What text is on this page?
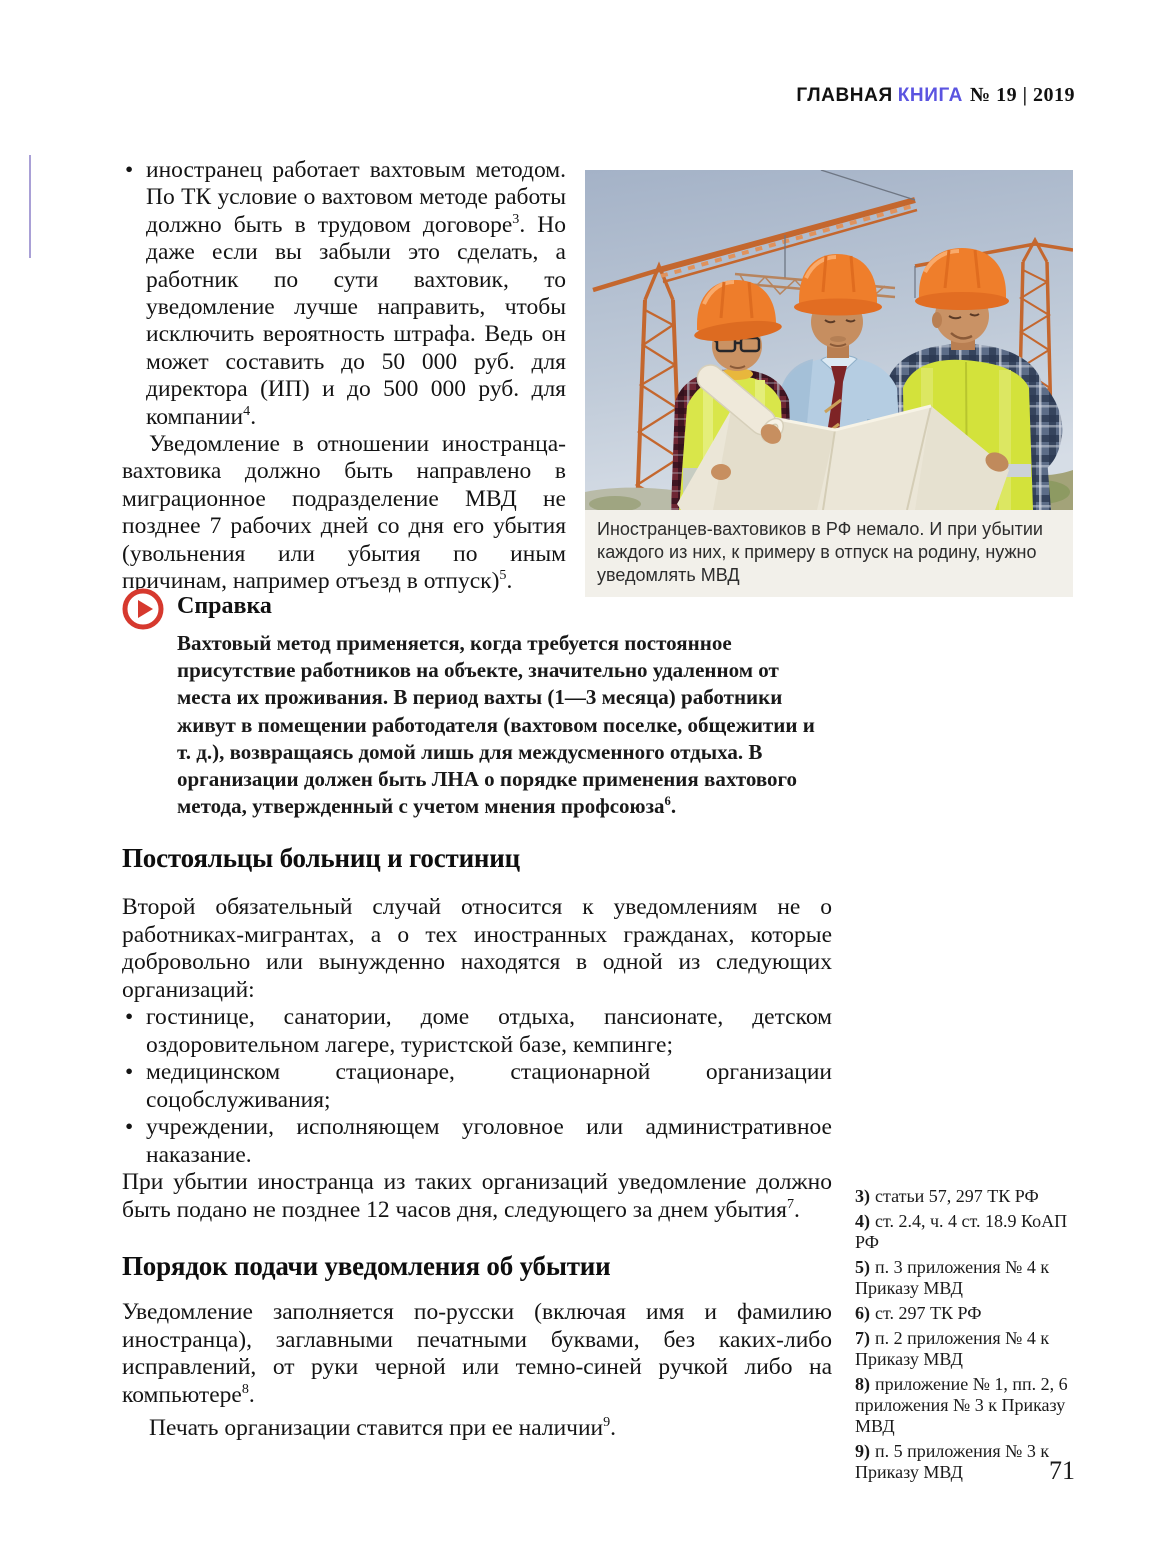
ГЛАВНАЯ КНИГА № 19 | 2019

• иностранец работает вахтовым методом. По ТК условие о вахтовом методе работы должно быть в трудовом договоре$^3$. Но даже если вы забыли это сделать, а работник по сути вахтовик, то уведомление лучше направить, чтобы исключить вероятность штрафа. Ведь он может составить до 50 000 руб. для директора (ИП) и до 500 000 руб. для компании$^4$.

Уведомление в отношении иностранца-вахтовика должно быть направлено в миграционное подразделение МВД не позднее 7 рабочих дней со дня его убытия (увольнения или убытия по иным причинам, например отъезд в отпуск)$^5$.

Иностранцев-вахтовиков в РФ немало. И при убытии каждого из них, к примеру в отпуск на родину, нужно уведомлять МВД
Справка

Вахтовый метод применяется, когда требуется постоянное присутствие работников на объекте, значительно удаленном от места их проживания. В период вахты (1—3 месяца) работники живут в помещении работодателя (вахтовом поселке, общежитии и т. д.), возвращаясь домой лишь для междусменного отдыха. В организации должен быть ЛНА о порядке применения вахтового метода, утвержденный с учетом мнения профсоюза$^6$.

Постояльцы больниц и гостиниц

Второй обязательный случай относится к уведомлениям не о работниках-мигрантах, а о тех иностранных гражданах, которые добровольно или вынужденно находятся в одной из следующих организаций:

• гостинице, санатории, доме отдыха, пансионате, детском оздоровительном лагере, туристской базе, кемпинге;

• медицинском стационаре, стационарной организации соцобслуживания;

• учреждении, исполняющем уголовное или административное наказание.

При убытии иностранца из таких организаций уведомление должно быть подано не позднее 12 часов дня, следующего за днем убытия$^7$.

Порядок подачи уведомления об убытии

Уведомление заполняется по-русски (включая имя и фамилию иностранца), заглавными печатными буквами, без каких-либо исправлений, от руки черной или темно-синей ручкой либо на компьютере$^8$.

Печать организации ставится при ее наличии$^9$.

3) статьи 57, 297 ТК РФ

4) ст. 2.4, ч. 4 ст. 18.9 КоАП РФ

5) п. 3 приложения № 4 к Приказу МВД

6) ст. 297 ТК РФ

7) п. 2 приложения № 4 к Приказу МВД

8) приложение № 1, пп. 2, 6 приложения № 3 к Приказу МВД

9) п. 5 приложения № 3 к Приказу МВД	71
